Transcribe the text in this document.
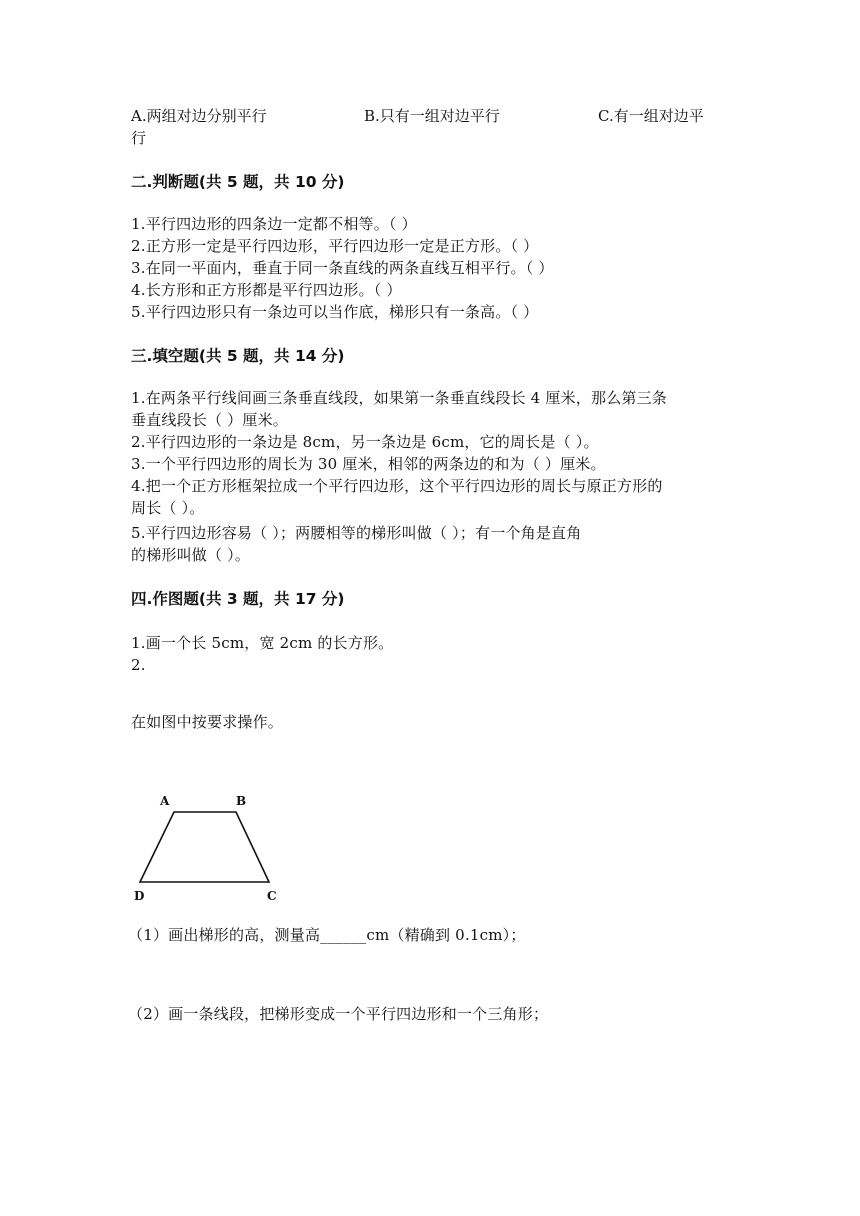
A.两组对边分别平行	B.只有一组对边平行	C.有一组对边平
行
二.判断题(共 5 题，共 10 分)
1.平行四边形的四条边一定都不相等。（ ）
2.正方形一定是平行四边形，平行四边形一定是正方形。（ ）
3.在同一平面内，垂直于同一条直线的两条直线互相平行。（ ）
4.长方形和正方形都是平行四边形。（ ）
5.平行四边形只有一条边可以当作底，梯形只有一条高。（ ）
三.填空题(共 5 题，共 14 分)
1.在两条平行线间画三条垂直线段，如果第一条垂直线段长 4 厘米，那么第三条
垂直线段长（ ）厘米。
2.平行四边形的一条边是 8cm，另一条边是 6cm，它的周长是（ ）。
3.一个平行四边形的周长为 30 厘米，相邻的两条边的和为（ ）厘米。
4.把一个正方形框架拉成一个平行四边形，这个平行四边形的周长与原正方形的
周长（ ）。
5.平行四边形容易（ ）；两腰相等的梯形叫做（ ）；有一个角是直角
的梯形叫做（ ）。
四.作图题(共 3 题，共 17 分)
1.画一个长 5cm，宽 2cm 的长方形。
2.
在如图中按要求操作。
A	B
C
D
（1）画出梯形的高，测量高______cm（精确到 0.1cm）；
（2）画一条线段，把梯形变成一个平行四边形和一个三角形；
